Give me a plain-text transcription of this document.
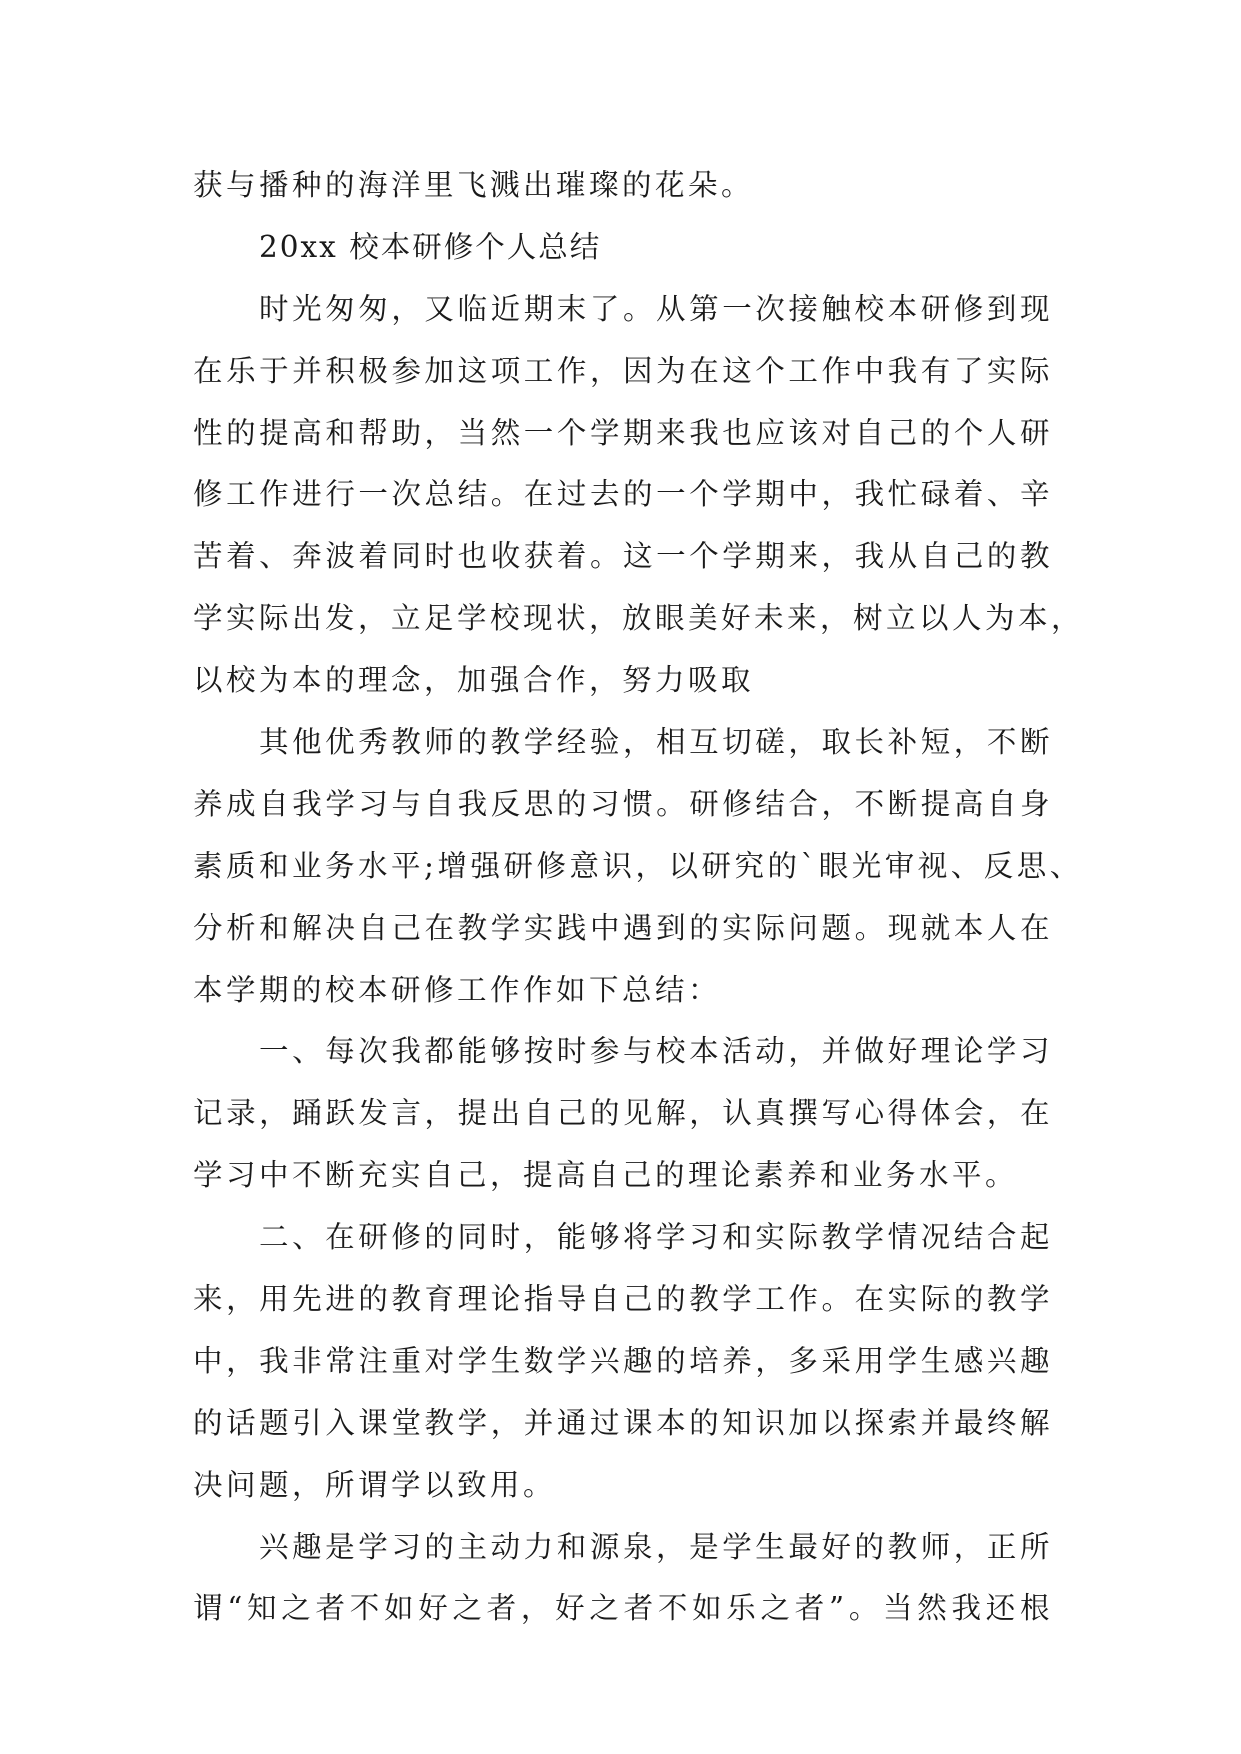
获与播种的海洋里飞溅出璀璨的花朵。
20xx 校本研修个人总结
时光匆匆，又临近期末了。从第一次接触校本研修到现
在乐于并积极参加这项工作，因为在这个工作中我有了实际
性的提高和帮助，当然一个学期来我也应该对自己的个人研
修工作进行一次总结。在过去的一个学期中，我忙碌着、辛
苦着、奔波着同时也收获着。这一个学期来，我从自己的教
学实际出发，立足学校现状，放眼美好未来，树立以人为本，
以校为本的理念，加强合作，努力吸取
其他优秀教师的教学经验，相互切磋，取长补短，不断
养成自我学习与自我反思的习惯。研修结合，不断提高自身
素质和业务水平;增强研修意识，以研究的`眼光审视、反思、
分析和解决自己在教学实践中遇到的实际问题。现就本人在
本学期的校本研修工作作如下总结：
一、每次我都能够按时参与校本活动，并做好理论学习
记录，踊跃发言，提出自己的见解，认真撰写心得体会，在
学习中不断充实自己，提高自己的理论素养和业务水平。
二、在研修的同时，能够将学习和实际教学情况结合起
来，用先进的教育理论指导自己的教学工作。在实际的教学
中，我非常注重对学生数学兴趣的培养，多采用学生感兴趣
的话题引入课堂教学，并通过课本的知识加以探索并最终解
决问题，所谓学以致用。
兴趣是学习的主动力和源泉，是学生最好的教师，正所
谓“知之者不如好之者，好之者不如乐之者”。当然我还根
